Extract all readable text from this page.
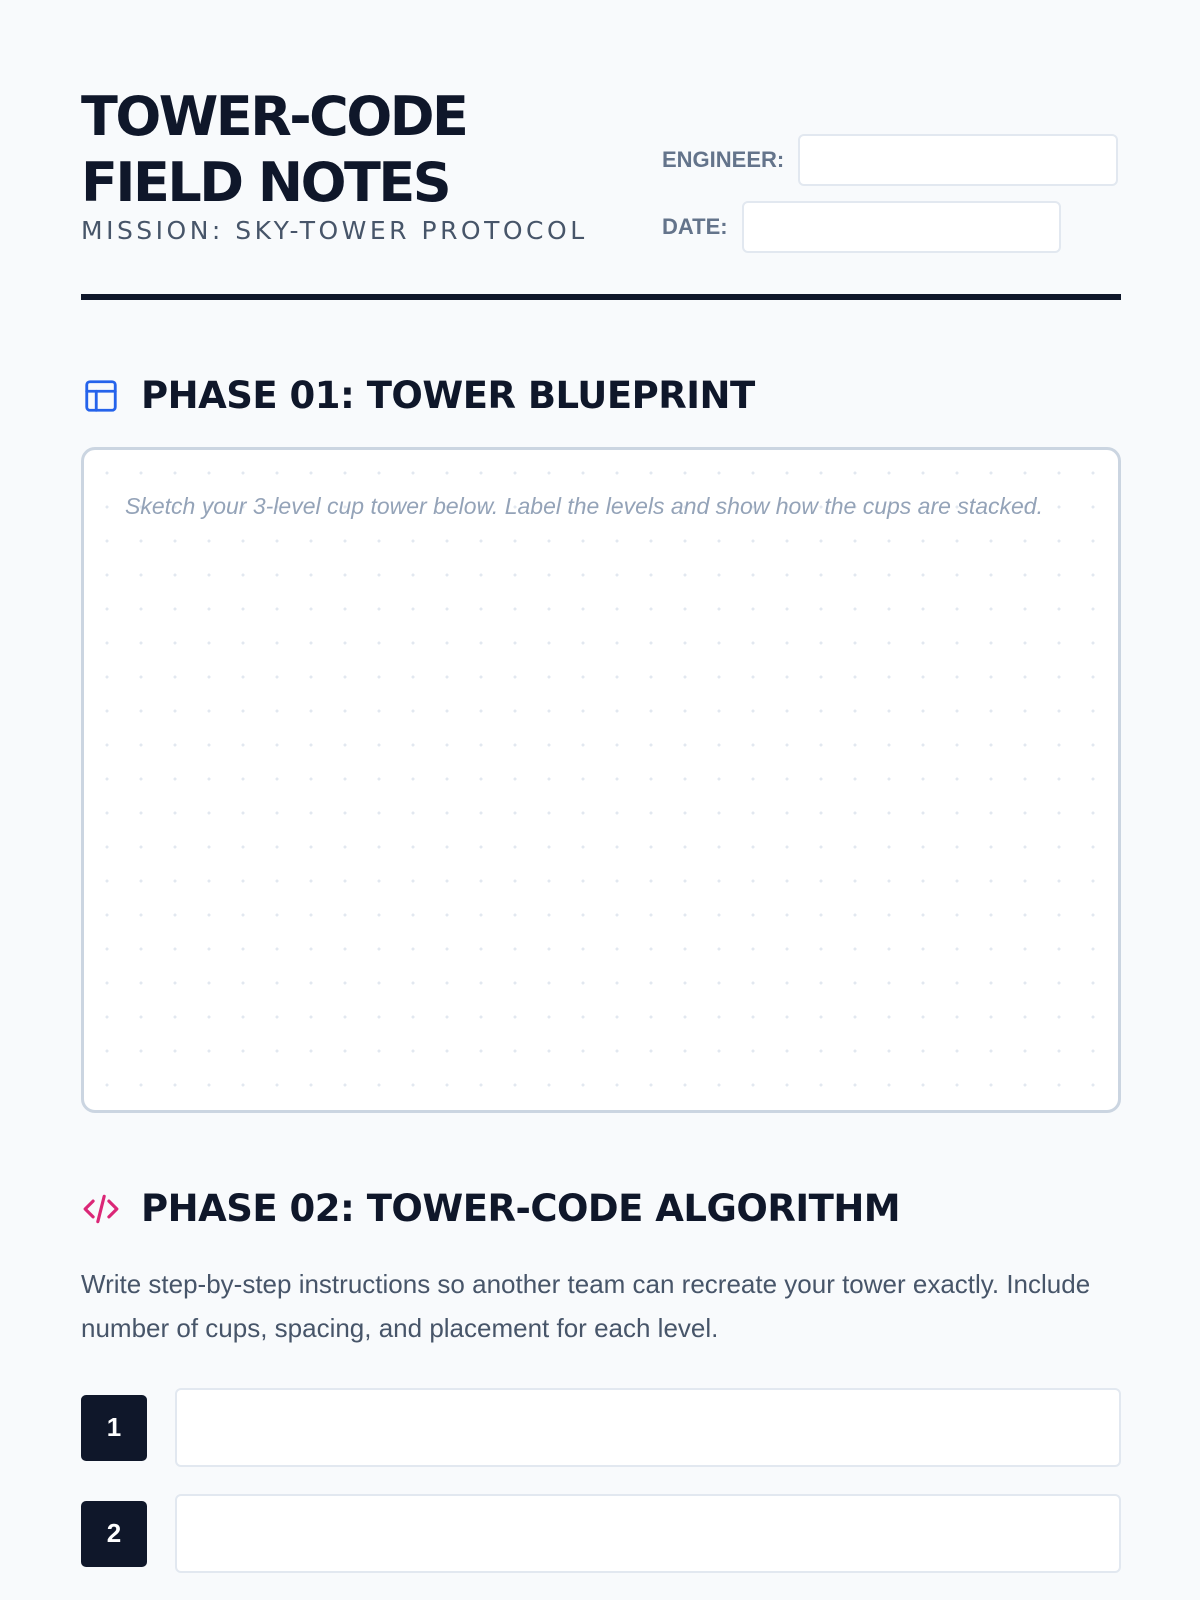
TOWER-CODE FIELD NOTES
MISSION: SKY-TOWER PROTOCOL
ENGINEER:
DATE:
PHASE 01: TOWER BLUEPRINT

Sketch your 3-level cup tower below. Label the levels and show how the cups are stacked.

PHASE 02: TOWER-CODE ALGORITHM

Write step-by-step instructions so another team can recreate your tower exactly. Include number of cups, spacing, and placement for each level.

1
2
